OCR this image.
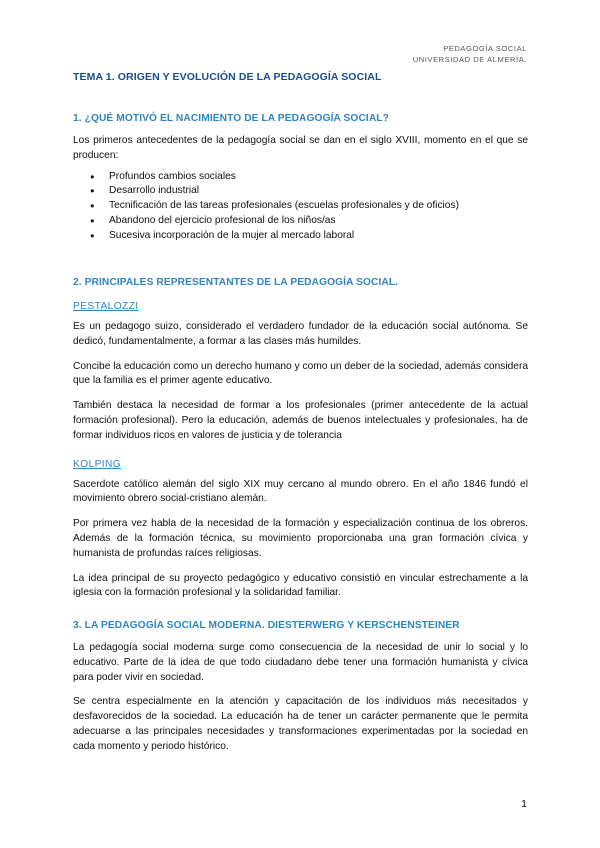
PEDAGOGÍA SOCIAL
UNIVERSIDAD DE ALMERÍA.
TEMA 1. ORIGEN Y EVOLUCIÓN DE LA PEDAGOGÍA SOCIAL
1. ¿QUÉ MOTIVÓ EL NACIMIENTO DE LA PEDAGOGÍA SOCIAL?

Los primeros antecedentes de la pedagogía social se dan en el siglo XVIII, momento en el que se producen:

● Profundos cambios sociales
● Desarrollo industrial
● Tecnificación de las tareas profesionales (escuelas profesionales y de oficios)
● Abandono del ejercicio profesional de los niños/as
● Sucesiva incorporación de la mujer al mercado laboral
2. PRINCIPALES REPRESENTANTES DE LA PEDAGOGÍA SOCIAL.
PESTALOZZI

Es un pedagogo suizo, considerado el verdadero fundador de la educación social autónoma. Se dedicó, fundamentalmente, a formar a las clases más humildes.

Concibe la educación como un derecho humano y como un deber de la sociedad, además considera que la familia es el primer agente educativo.

También destaca la necesidad de formar a los profesionales (primer antecedente de la actual formación profesional). Pero la educación, además de buenos intelectuales y profesionales, ha de formar individuos ricos en valores de justicia y de tolerancia

KOLPING

Sacerdote católico alemán del siglo XIX muy cercano al mundo obrero. En el año 1846 fundó el movimiento obrero social-cristiano alemán.

Por primera vez habla de la necesidad de la formación y especialización continua de los obreros. Además de la formación técnica, su movimiento proporcionaba una gran formación cívica y humanista de profundas raíces religiosas.

La idea principal de su proyecto pedagógico y educativo consistió en vincular estrechamente a la iglesia con la formación profesional y la solidaridad familiar.

3. LA PEDAGOGÍA SOCIAL MODERNA. DIESTERWERG Y KERSCHENSTEINER

La pedagogía social moderna surge como consecuencia de la necesidad de unir lo social y lo educativo. Parte de la idea de que todo ciudadano debe tener una formación humanista y cívica para poder vivir en sociedad.

Se centra especialmente en la atención y capacitación de los individuos más necesitados y desfavorecidos de la sociedad. La educación ha de tener un carácter permanente que le permita adecuarse a las principales necesidades y transformaciones experimentadas por la sociedad en cada momento y periodo histórico.

1
